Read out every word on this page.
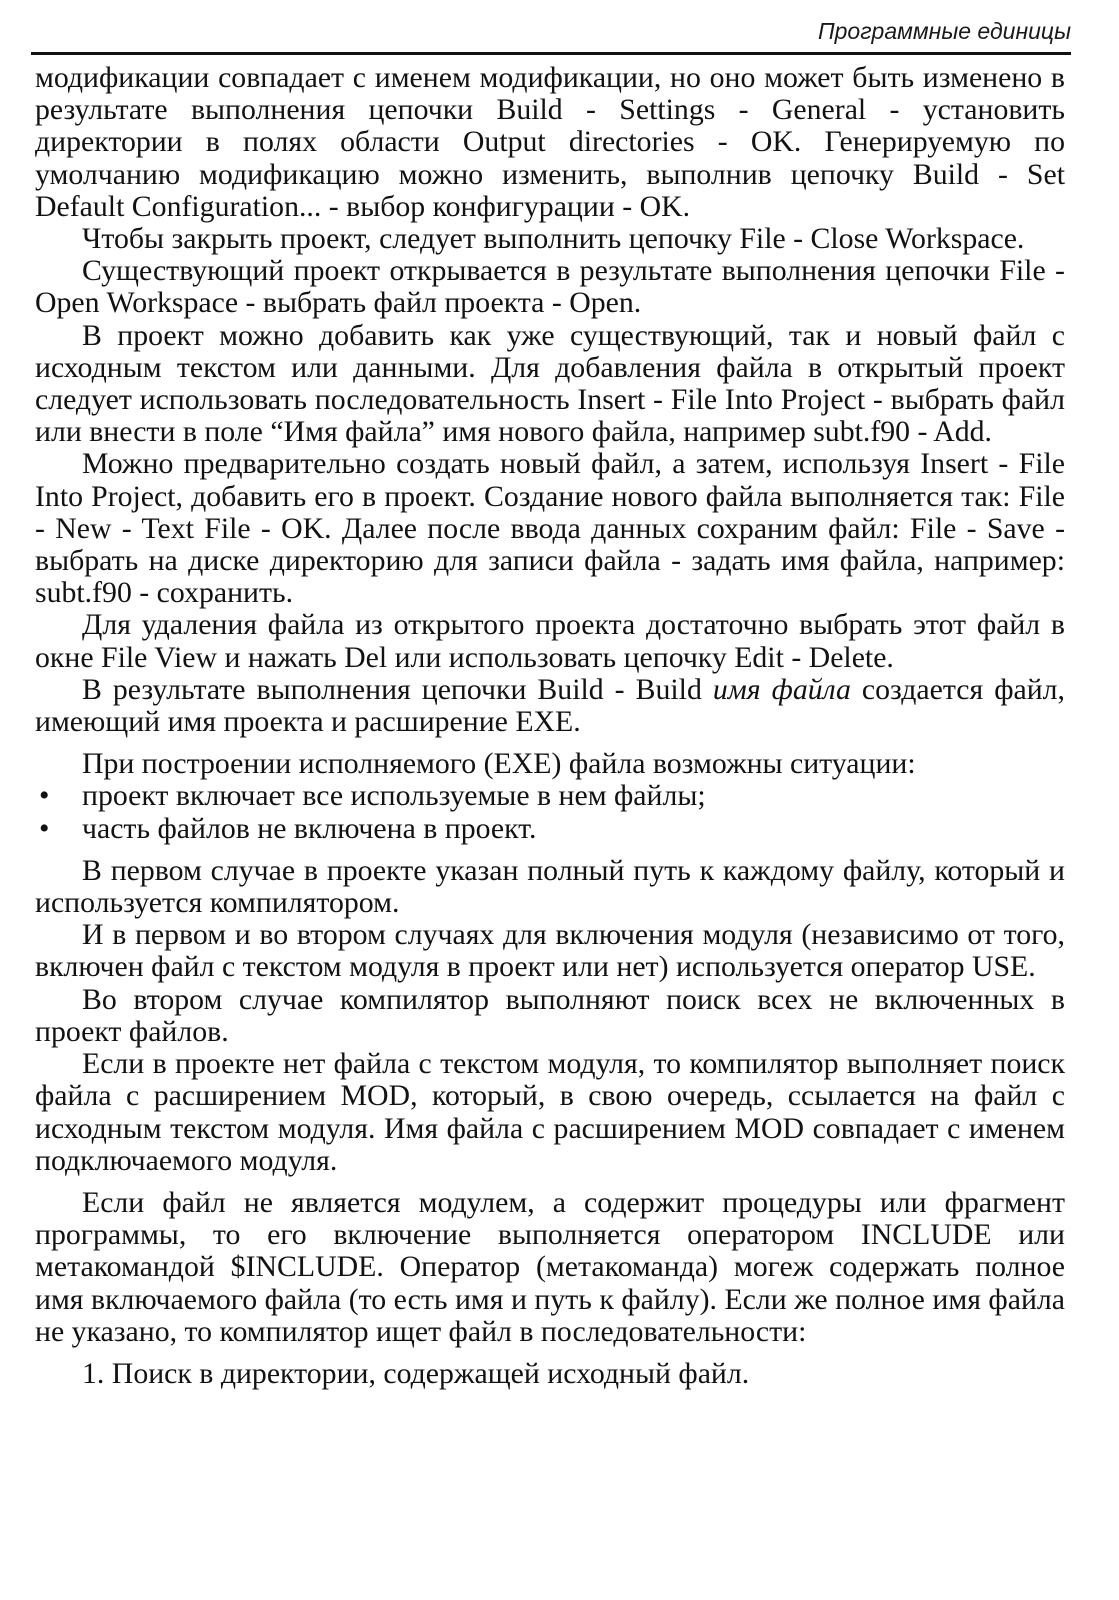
Программные единицы

модификации совпадает с именем модификации, но оно может быть изменено в результате выполнения цепочки Build - Settings - General - установить директории в полях области Output directories - OK. Генерируемую по умолчанию модификацию можно изменить, выполнив цепочку Build - Set Default Configuration... - выбор конфигурации - OK.

Чтобы закрыть проект, следует выполнить цепочку File - Close Workspace.

Существующий проект открывается в результате выполнения цепочки File - Open Workspace - выбрать файл проекта - Open.

В проект можно добавить как уже существующий, так и новый файл с исходным текстом или данными. Для добавления файла в открытый проект следует использовать последовательность Insert - File Into Project - выбрать файл или внести в поле “Имя файла” имя нового файла, например subt.f90 - Add.

Можно предварительно создать новый файл, а затем, используя Insert - File Into Project, добавить его в проект. Создание нового файла выполняется так: File - New - Text File - OK. Далее после ввода данных сохраним файл: File - Save - выбрать на диске директорию для записи файла - задать имя файла, например: subt.f90 - сохранить.

Для удаления файла из открытого проекта достаточно выбрать этот файл в окне File View и нажать Del или использовать цепочку Edit - Delete.

В результате выполнения цепочки Build - Build имя файла создается файл, имеющий имя проекта и расширение EXE.

При построении исполняемого (EXE) файла возможны ситуации:

• проект включает все используемые в нем файлы;
• часть файлов не включена в проект.

В первом случае в проекте указан полный путь к каждому файлу, который и используется компилятором.

И в первом и во втором случаях для включения модуля (независимо от того, включен файл с текстом модуля в проект или нет) используется оператор USE.

Во втором случае компилятор выполняют поиск всех не включенных в проект файлов.

Если в проекте нет файла с текстом модуля, то компилятор выполняет поиск файла с расширением MOD, который, в свою очередь, ссылается на файл с исходным текстом модуля. Имя файла с расширением MOD совпадает с именем подключаемого модуля.

Если файл не является модулем, а содержит процедуры или фрагмент программы, то его включение выполняется оператором INCLUDE или метакомандой $INCLUDE. Оператор (метакоманда) могеж содержать полное имя включаемого файла (то есть имя и путь к файлу). Если же полное имя файла не указано, то компилятор ищет файл в последовательности:

1. Поиск в директории, содержащей исходный файл.
